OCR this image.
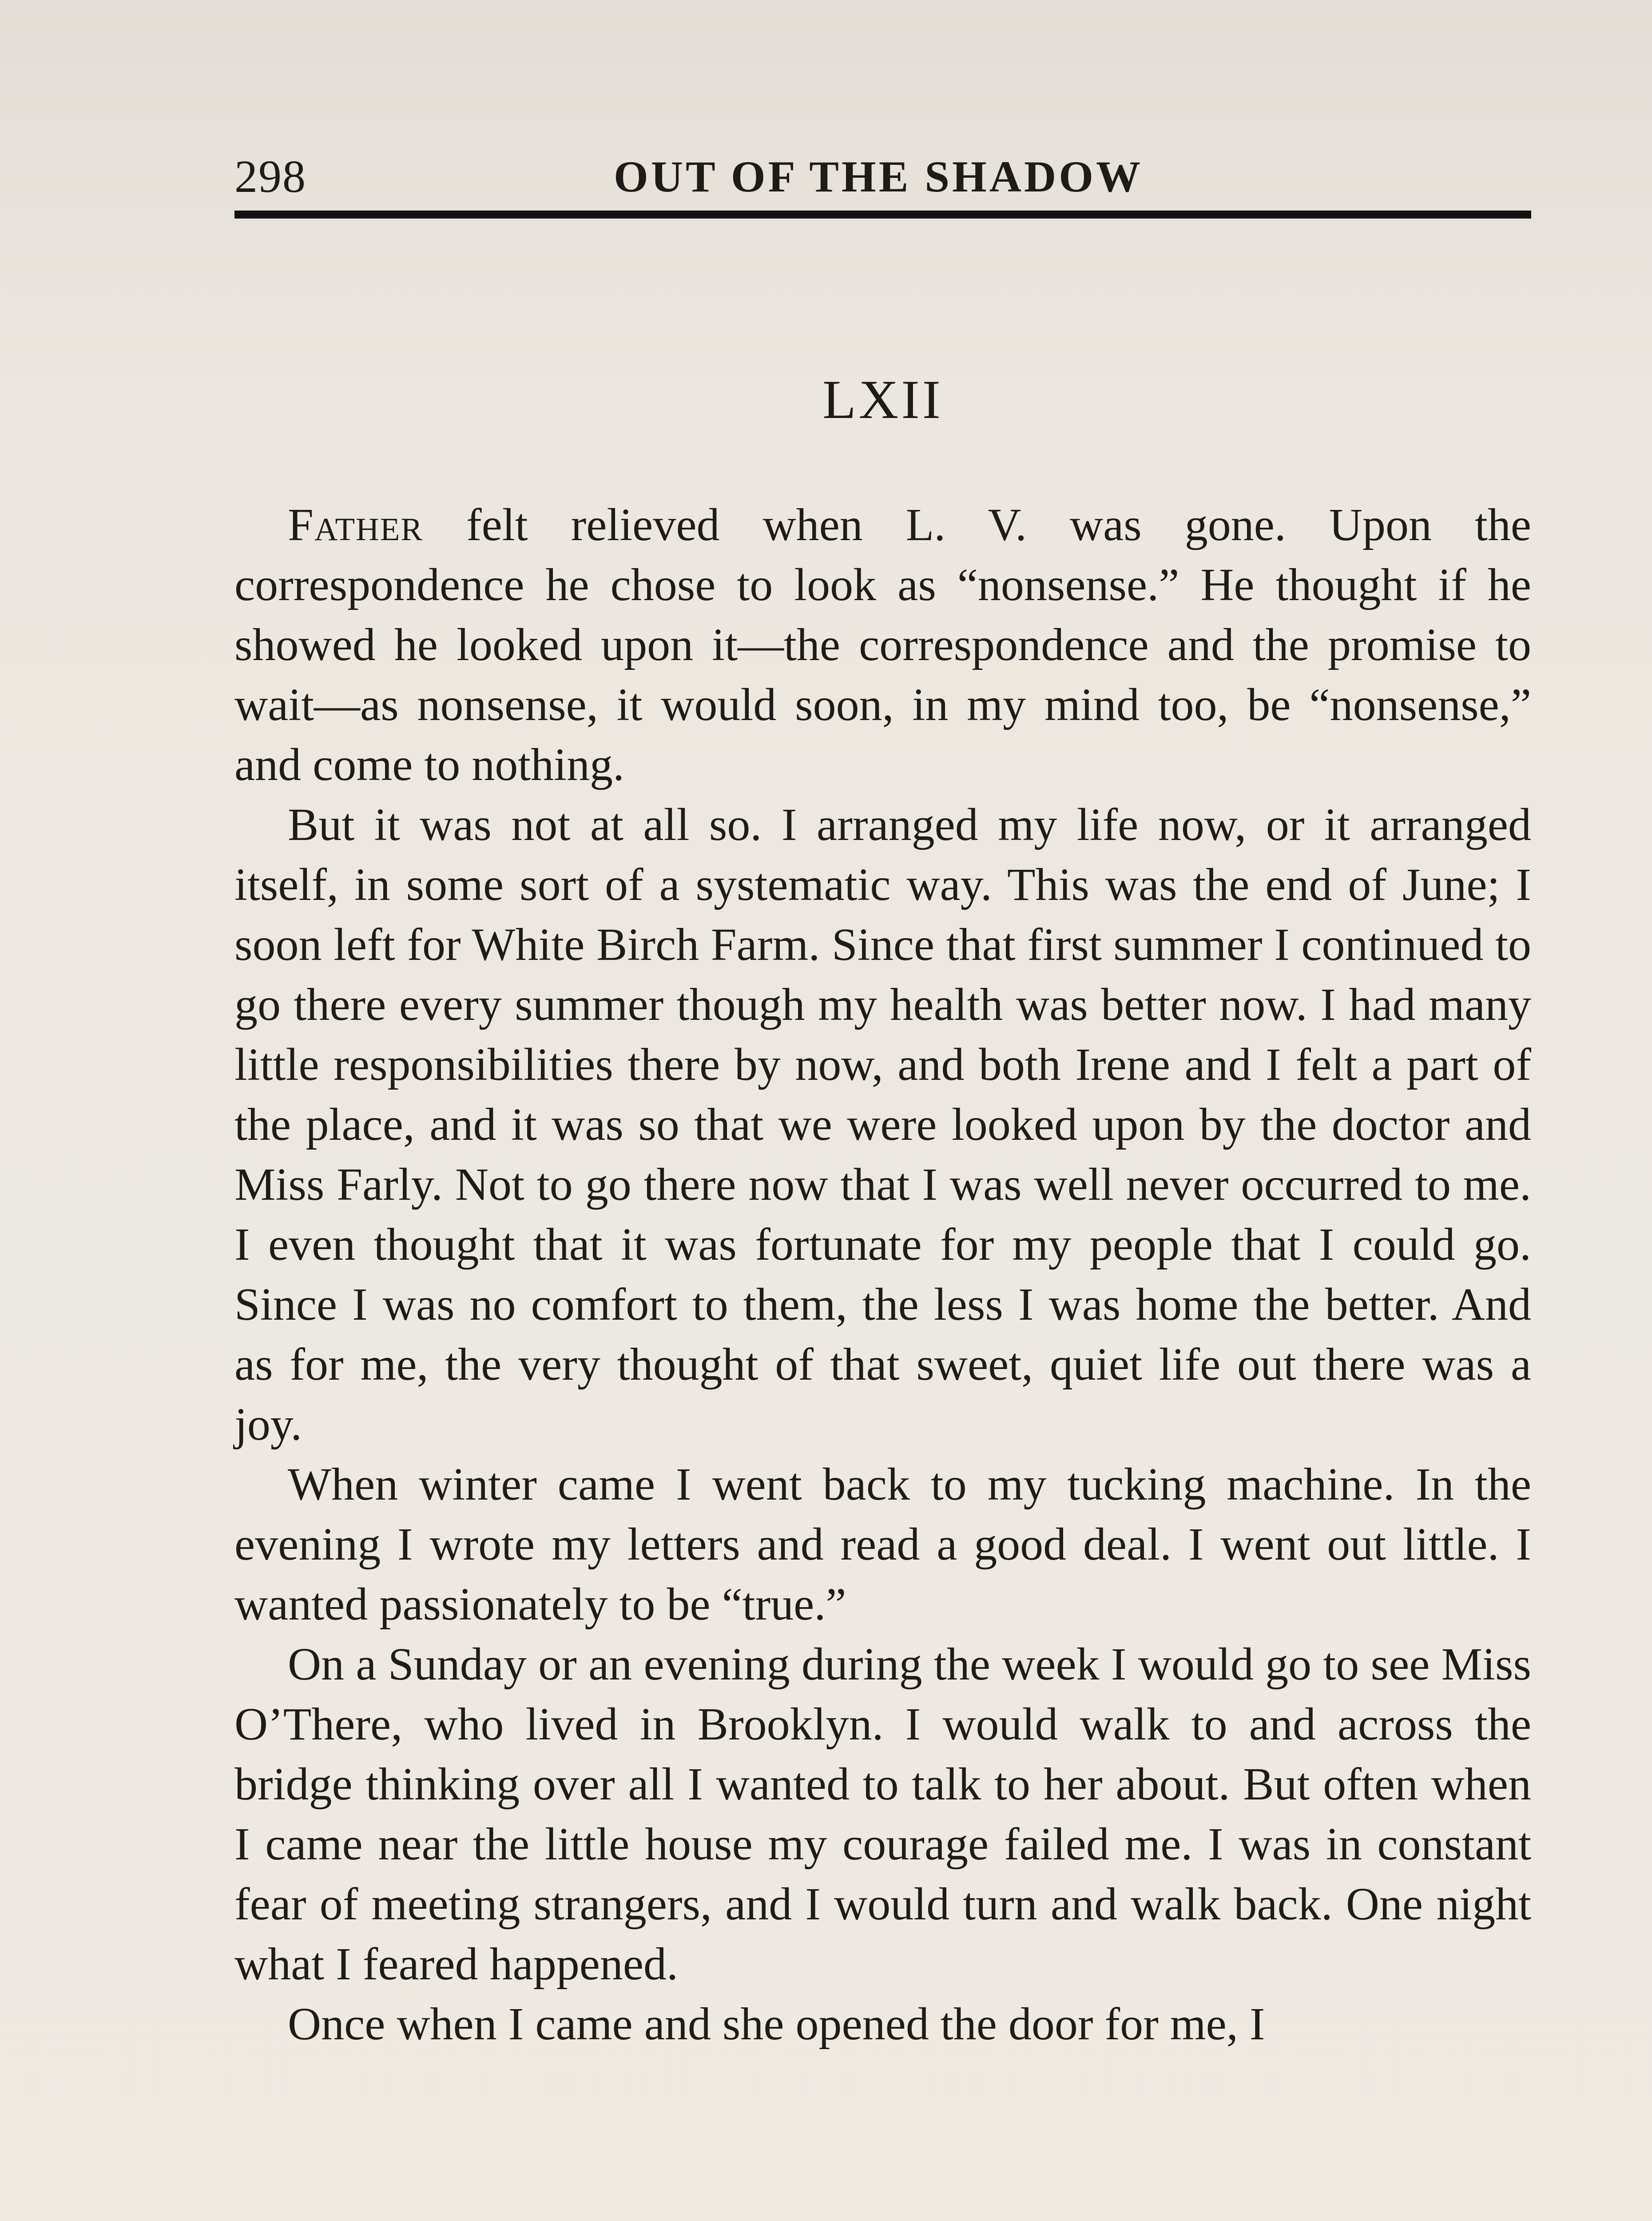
298	OUT OF THE SHADOW
LXII

Father felt relieved when L. V. was gone. Upon the correspondence he chose to look as “nonsense.” He thought if he showed he looked upon it—the correspondence and the promise to wait—as nonsense, it would soon, in my mind too, be “nonsense,” and come to nothing.

But it was not at all so. I arranged my life now, or it arranged itself, in some sort of a systematic way. This was the end of June; I soon left for White Birch Farm. Since that first summer I continued to go there every summer though my health was better now. I had many little responsibilities there by now, and both Irene and I felt a part of the place, and it was so that we were looked upon by the doctor and Miss Farly. Not to go there now that I was well never occurred to me. I even thought that it was fortunate for my people that I could go. Since I was no comfort to them, the less I was home the better. And as for me, the very thought of that sweet, quiet life out there was a joy.

When winter came I went back to my tucking machine. In the evening I wrote my letters and read a good deal. I went out little. I wanted passionately to be “true.”

On a Sunday or an evening during the week I would go to see Miss O’There, who lived in Brooklyn. I would walk to and across the bridge thinking over all I wanted to talk to her about. But often when I came near the little house my courage failed me. I was in constant fear of meeting strangers, and I would turn and walk back. One night what I feared happened.

Once when I came and she opened the door for me, I
